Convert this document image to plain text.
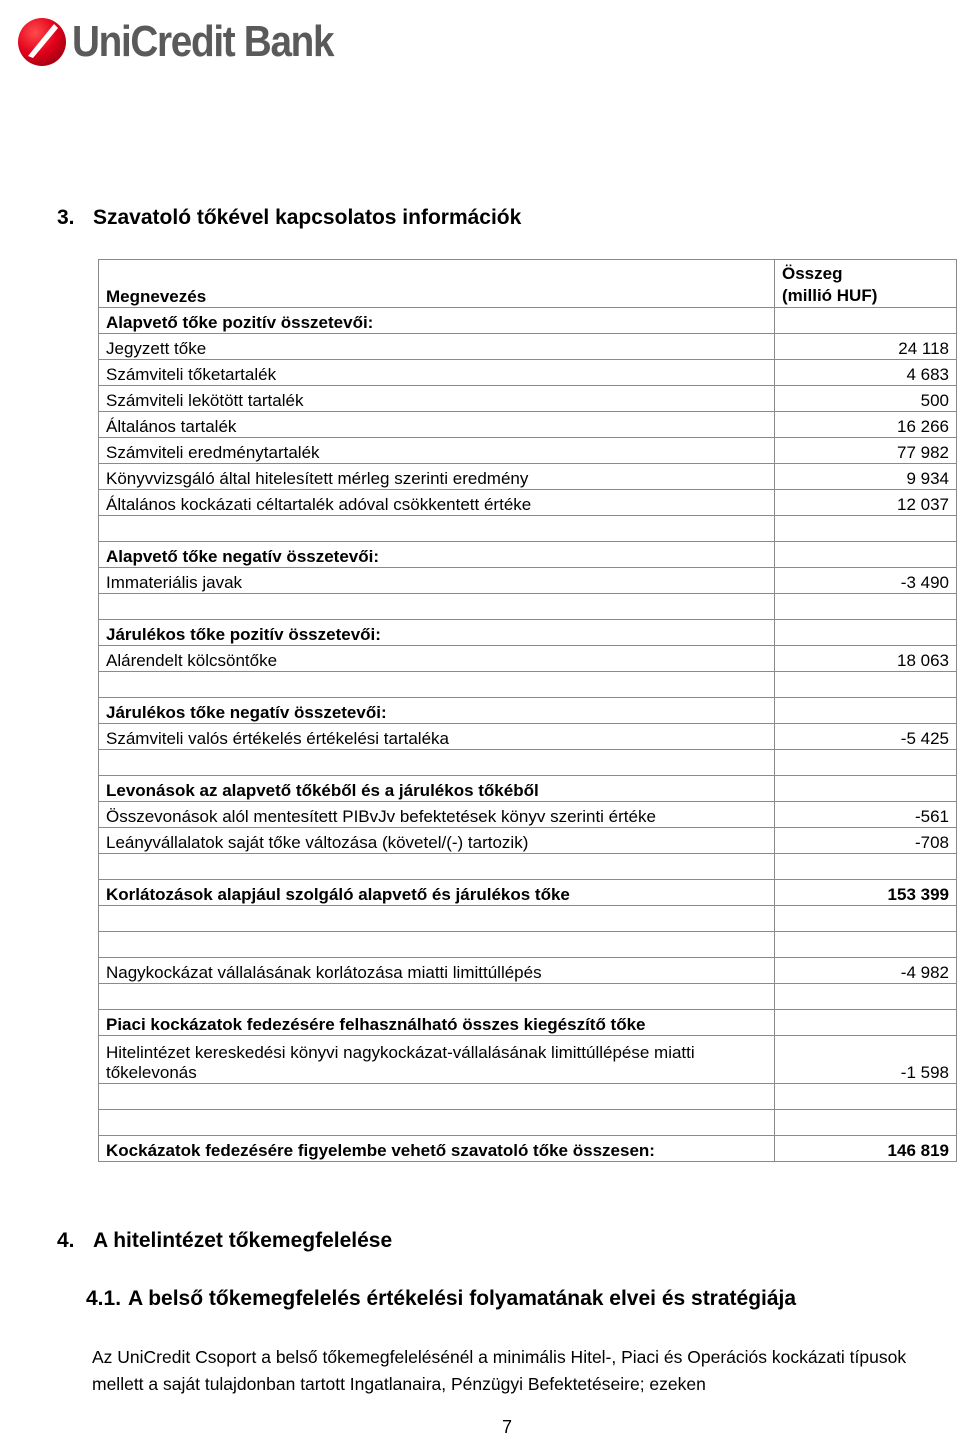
UniCredit Bank
3. Szavatoló tőkével kapcsolatos információk
Megnevezés	Összeg
(millió HUF)
Alapvető tőke pozitív összetevői:	
Jegyzett tőke	24 118
Számviteli tőketartalék	4 683
Számviteli lekötött tartalék	500
Általános tartalék	16 266
Számviteli eredménytartalék	77 982
Könyvvizsgáló által hitelesített mérleg szerinti eredmény	9 934
Általános kockázati céltartalék adóval csökkentett értéke	12 037

Alapvető tőke negatív összetevői:	
Immateriális javak	-3 490

Járulékos tőke pozitív összetevői:	
Alárendelt kölcsöntőke	18 063

Járulékos tőke negatív összetevői:	
Számviteli valós értékelés értékelési tartaléka	-5 425

Levonások az alapvető tőkéből és a járulékos tőkéből	
Összevonások alól mentesített PIBvJv befektetések könyv szerinti értéke	-561
Leányvállalatok saját tőke változása (követel/(-) tartozik)	-708

Korlátozások alapjául szolgáló alapvető és járulékos tőke	153 399

Nagykockázat vállalásának korlátozása miatti limittúllépés	-4 982

Piaci kockázatok fedezésére felhasználható összes kiegészítő tőke	
Hitelintézet kereskedési könyvi nagykockázat-vállalásának limittúllépése miatti tőkelevonás	-1 598

Kockázatok fedezésére figyelembe vehető szavatoló tőke összesen:	146 819
4. A hitelintézet tőkemegfelelése
4.1. A belső tőkemegfelelés értékelési folyamatának elvei és stratégiája
Az UniCredit Csoport a belső tőkemegfelelésénél a minimális Hitel-, Piaci és Operációs kockázati típusok mellett a saját tulajdonban tartott Ingatlanaira, Pénzügyi Befektetéseire; ezeken
7
